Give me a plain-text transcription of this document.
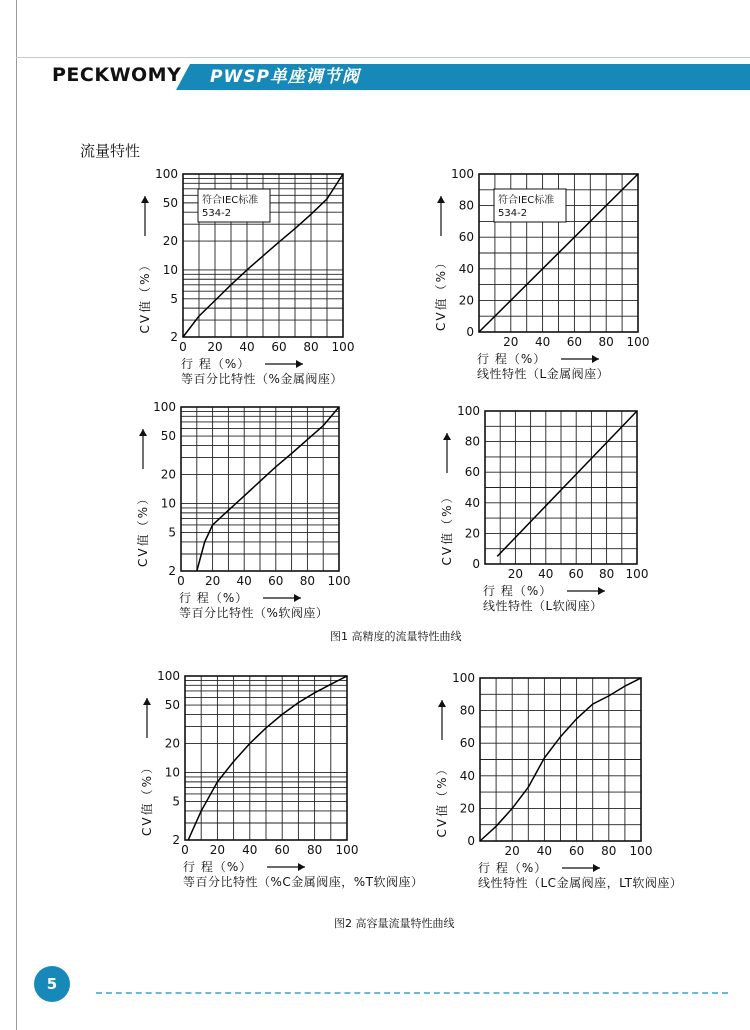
PECKWOMY PWSP单座调节阀
流量特性
图1 高精度的流量特性曲线
图2 高容量流量特性曲线
5
符合IEC标准
534-2
2
5
10
20
50
100
0 20 40 60 80 100
CV值（%）
行 程（%）
等百分比特性（%金属阀座）
符合IEC标准
534-2
0
20
40
60
80
100
20 40 60 80 100
CV值（%）
行 程（%）
线性特性（L金属阀座）
2
5
10
20
50
100
0 20 40 60 80 100
CV值（%）
行 程（%）
等百分比特性（%软阀座）
0
20
40
60
80
100
20 40 60 80 100
CV值（%）
行 程（%）
线性特性（L软阀座）
2
5
10
20
50
100
0 20 40 60 80 100
CV值（%）
行 程（%）
等百分比特性（%C金属阀座，%T软阀座）
0
20
40
60
80
100
20 40 60 80 100
CV值（%）
行 程（%）
线性特性（LC金属阀座，LT软阀座）
